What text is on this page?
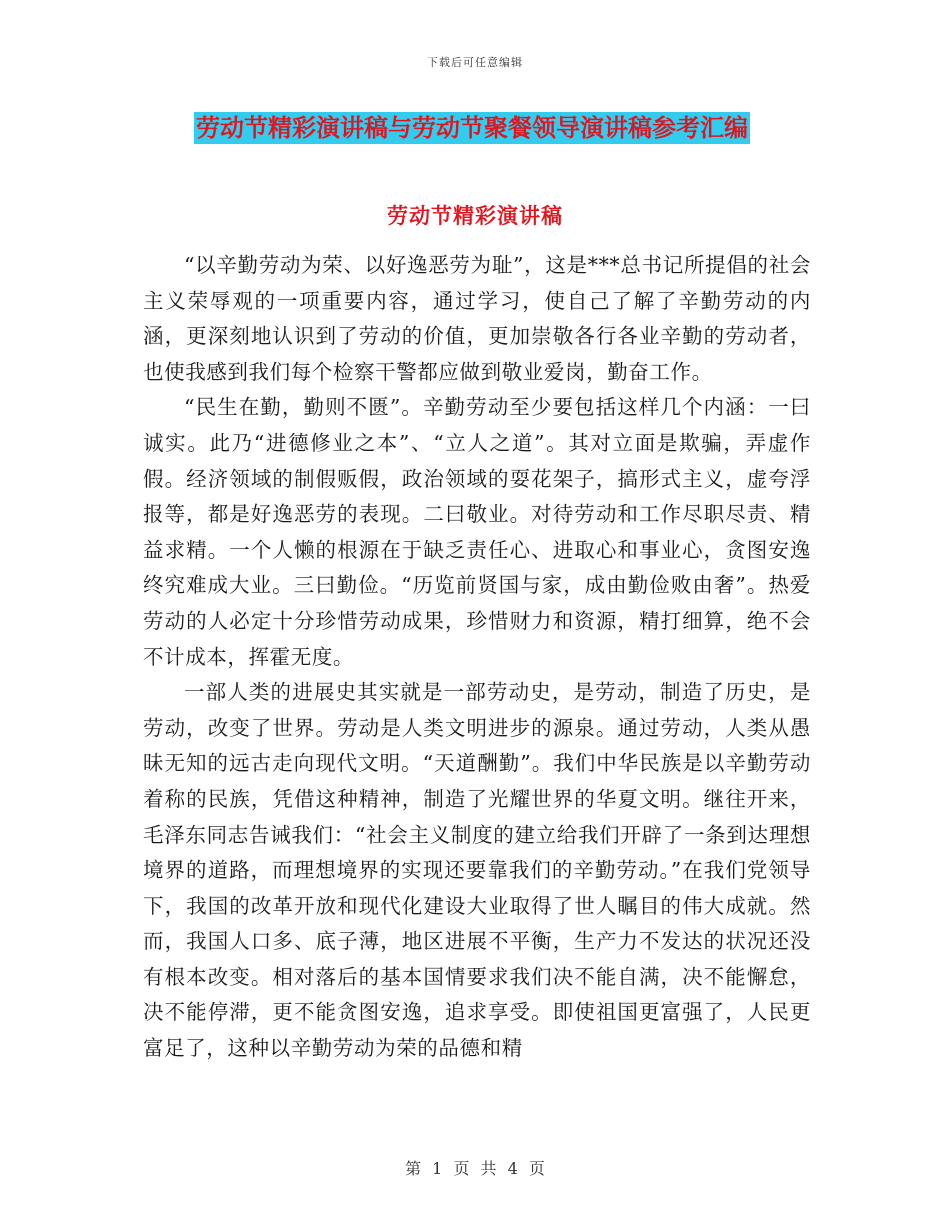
下载后可任意编辑
劳动节精彩演讲稿与劳动节聚餐领导演讲稿参考汇编
劳动节精彩演讲稿

“以辛勤劳动为荣、以好逸恶劳为耻”，这是***总书记所提倡的社会主义荣辱观的一项重要内容，通过学习，使自己了解了辛勤劳动的内涵，更深刻地认识到了劳动的价值，更加崇敬各行各业辛勤的劳动者，也使我感到我们每个检察干警都应做到敬业爱岗，勤奋工作。

“民生在勤，勤则不匮”。辛勤劳动至少要包括这样几个内涵：一曰诚实。此乃“进德修业之本”、“立人之道”。其对立面是欺骗，弄虚作假。经济领域的制假贩假，政治领域的耍花架子，搞形式主义，虚夸浮报等，都是好逸恶劳的表现。二曰敬业。对待劳动和工作尽职尽责、精益求精。一个人懒的根源在于缺乏责任心、进取心和事业心，贪图安逸终究难成大业。三曰勤俭。“历览前贤国与家，成由勤俭败由奢”。热爱劳动的人必定十分珍惜劳动成果，珍惜财力和资源，精打细算，绝不会不计成本，挥霍无度。

一部人类的进展史其实就是一部劳动史，是劳动，制造了历史，是劳动，改变了世界。劳动是人类文明进步的源泉。通过劳动，人类从愚昧无知的远古走向现代文明。“天道酬勤”。我们中华民族是以辛勤劳动着称的民族，凭借这种精神，制造了光耀世界的华夏文明。继往开来，毛泽东同志告诫我们：“社会主义制度的建立给我们开辟了一条到达理想境界的道路，而理想境界的实现还要靠我们的辛勤劳动。”在我们党领导下，我国的改革开放和现代化建设大业取得了世人瞩目的伟大成就。然而，我国人口多、底子薄，地区进展不平衡，生产力不发达的状况还没有根本改变。相对落后的基本国情要求我们决不能自满，决不能懈怠，决不能停滞，更不能贪图安逸，追求享受。即使祖国更富强了，人民更富足了，这种以辛勤劳动为荣的品德和精

第 1 页 共 4 页
